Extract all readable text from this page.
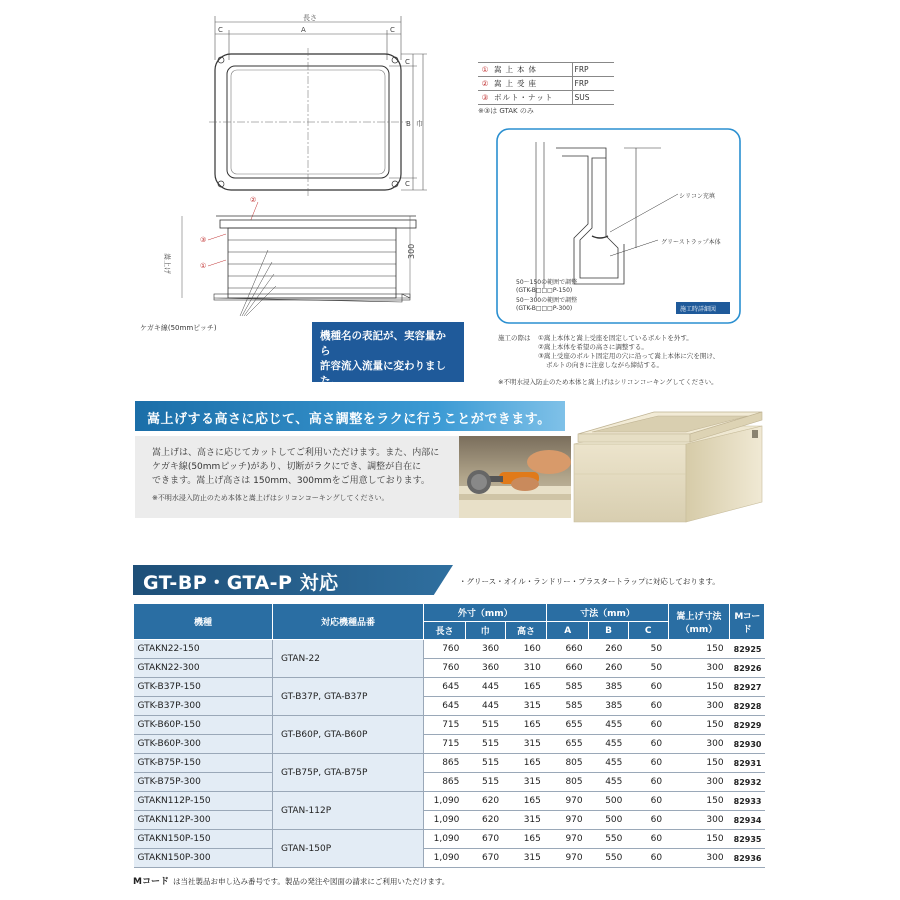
長さ
C	A	C
C
B 巾
C
②
③
①
嵩上げ
300
ケガキ線(50mmピッチ)
①	嵩上本体	FRP
②	嵩上受座	FRP
③	ボルト・ナット	SUS
※③は GTAK のみ
シリコン充填
グリーストラップ本体
50～150の範囲で調整
(GTK-B□□□P-150)
50～300の範囲で調整
(GTK-B□□□P-300)	施工時詳細図
機種名の表記が、実容量から
許容流入流量に変わりました。
(※一部機種を除く)
施工の際は	①嵩上本体と嵩上受座を固定しているボルトを外す。
②嵩上本体を希望の高さに調整する。
③嵩上受座のボルト固定用の穴に沿って嵩上本体に穴を開け、
ボルトの向きに注意しながら締結する。
※不明水浸入防止のため本体と嵩上げはシリコンコーキングしてください。
嵩上げする高さに応じて、高さ調整をラクに行うことができます。
嵩上げは、高さに応じてカットしてご利用いただけます。また、内部に
ケガキ線(50mmピッチ)があり、切断がラクにでき、調整が自在に
できます。嵩上げ高さは 150mm、300mmをご用意しております。
※不明水浸入防止のため本体と嵩上げはシリコンコーキングしてください。
GT-BP・GTA-P 対応	・グリース・オイル・ランドリー・プラスタートラップに対応しております。
機種	対応機種品番	外寸（mm）			寸法（mm）			嵩上げ寸法（mm）	Mコード
		長さ	巾	高さ	A	B	C		
GTAKN22-150	GTAN-22	760	360	160	660	260	50	150	82925
GTAKN22-300		760	360	310	660	260	50	300	82926
GTK-B37P-150	GT-B37P, GTA-B37P	645	445	165	585	385	60	150	82927
GTK-B37P-300		645	445	315	585	385	60	300	82928
GTK-B60P-150	GT-B60P, GTA-B60P	715	515	165	655	455	60	150	82929
GTK-B60P-300		715	515	315	655	455	60	300	82930
GTK-B75P-150	GT-B75P, GTA-B75P	865	515	165	805	455	60	150	82931
GTK-B75P-300		865	515	315	805	455	60	300	82932
GTAKN112P-150	GTAN-112P	1,090	620	165	970	500	60	150	82933
GTAKN112P-300		1,090	620	315	970	500	60	300	82934
GTAKN150P-150	GTAN-150P	1,090	670	165	970	550	60	150	82935
GTAKN150P-300		1,090	670	315	970	550	60	300	82936
Mコード は当社製品お申し込み番号です。製品の発注や図面の請求にご利用いただけます。
